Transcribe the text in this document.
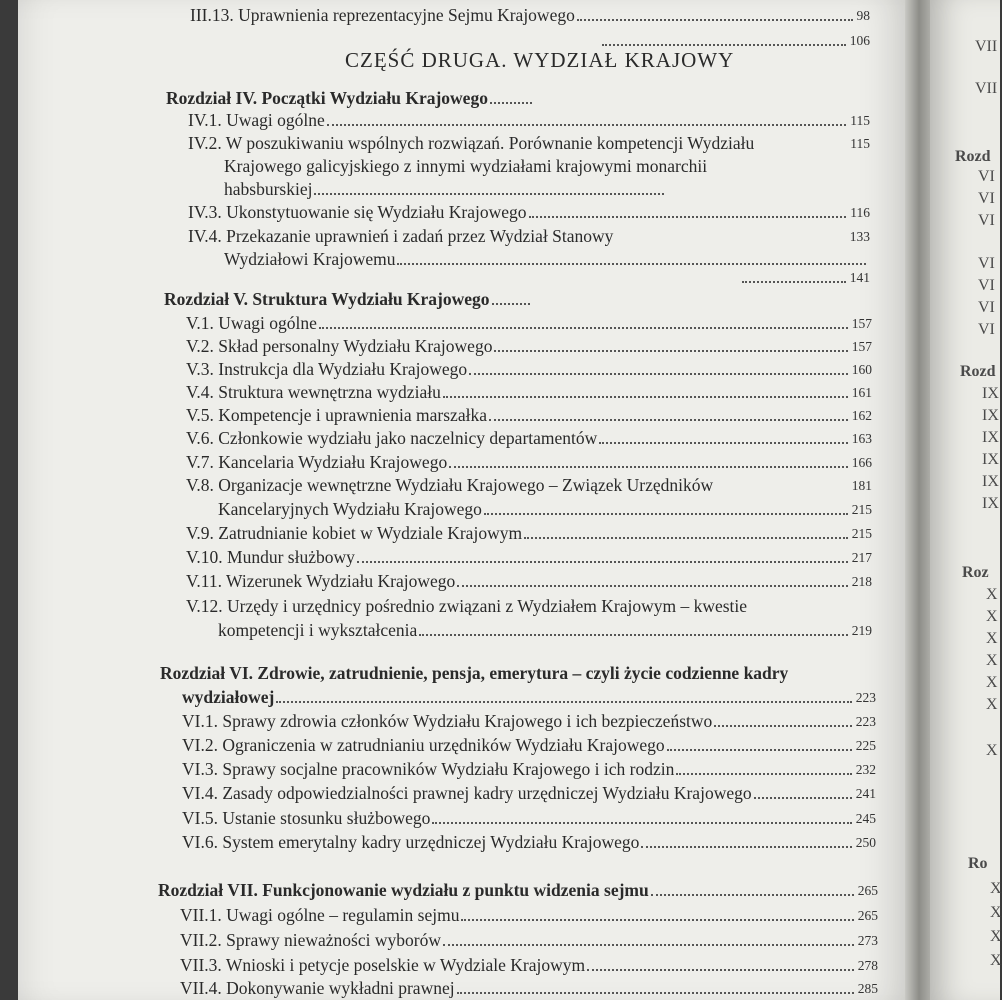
III.13. Uprawnienia reprezentacyjne Sejmu Krajowego	98
106
CZĘŚĆ DRUGA. WYDZIAŁ KRAJOWY
Rozdział IV. Początki Wydziału Krajowego
IV.1. Uwagi ogólne	115
IV.2. W poszukiwaniu wspólnych rozwiązań. Porównanie kompetencji Wydziału	115
Krajowego galicyjskiego z innymi wydziałami krajowymi monarchii
habsburskiej
IV.3. Ukonstytuowanie się Wydziału Krajowego	116
IV.4. Przekazanie uprawnień i zadań przez Wydział Stanowy	133
Wydziałowi Krajowemu
141
Rozdział V. Struktura Wydziału Krajowego
V.1. Uwagi ogólne	157
V.2. Skład personalny Wydziału Krajowego	157
V.3. Instrukcja dla Wydziału Krajowego	160
V.4. Struktura wewnętrzna wydziału	161
V.5. Kompetencje i uprawnienia marszałka	162
V.6. Członkowie wydziału jako naczelnicy departamentów	163
V.7. Kancelaria Wydziału Krajowego	166
V.8. Organizacje wewnętrzne Wydziału Krajowego – Związek Urzędników	181
Kancelaryjnych Wydziału Krajowego	215
V.9. Zatrudnianie kobiet w Wydziale Krajowym	215
V.10. Mundur służbowy	217
V.11. Wizerunek Wydziału Krajowego	218
V.12. Urzędy i urzędnicy pośrednio związani z Wydziałem Krajowym – kwestie
kompetencji i wykształcenia	219
Rozdział VI. Zdrowie, zatrudnienie, pensja, emerytura – czyli życie codzienne kadry
wydziałowej	223
VI.1. Sprawy zdrowia członków Wydziału Krajowego i ich bezpieczeństwo	223
VI.2. Ograniczenia w zatrudnianiu urzędników Wydziału Krajowego	225
VI.3. Sprawy socjalne pracowników Wydziału Krajowego i ich rodzin	232
VI.4. Zasady odpowiedzialności prawnej kadry urzędniczej Wydziału Krajowego	241
VI.5. Ustanie stosunku służbowego	245
VI.6. System emerytalny kadry urzędniczej Wydziału Krajowego	250
Rozdział VII. Funkcjonowanie wydziału z punktu widzenia sejmu	265
VII.1. Uwagi ogólne – regulamin sejmu	265
VII.2. Sprawy nieważności wyborów	273
VII.3. Wnioski i petycje poselskie w Wydziale Krajowym	278
VII.4. Dokonywanie wykładni prawnej	285
VII
VII
Rozd
VI
VI
VI
VI
VI
VI
VI
Rozd
IX
IX
IX
IX
IX
IX
Roz
X
X
X
X
X
X
X
Ro
X
X
X
X
